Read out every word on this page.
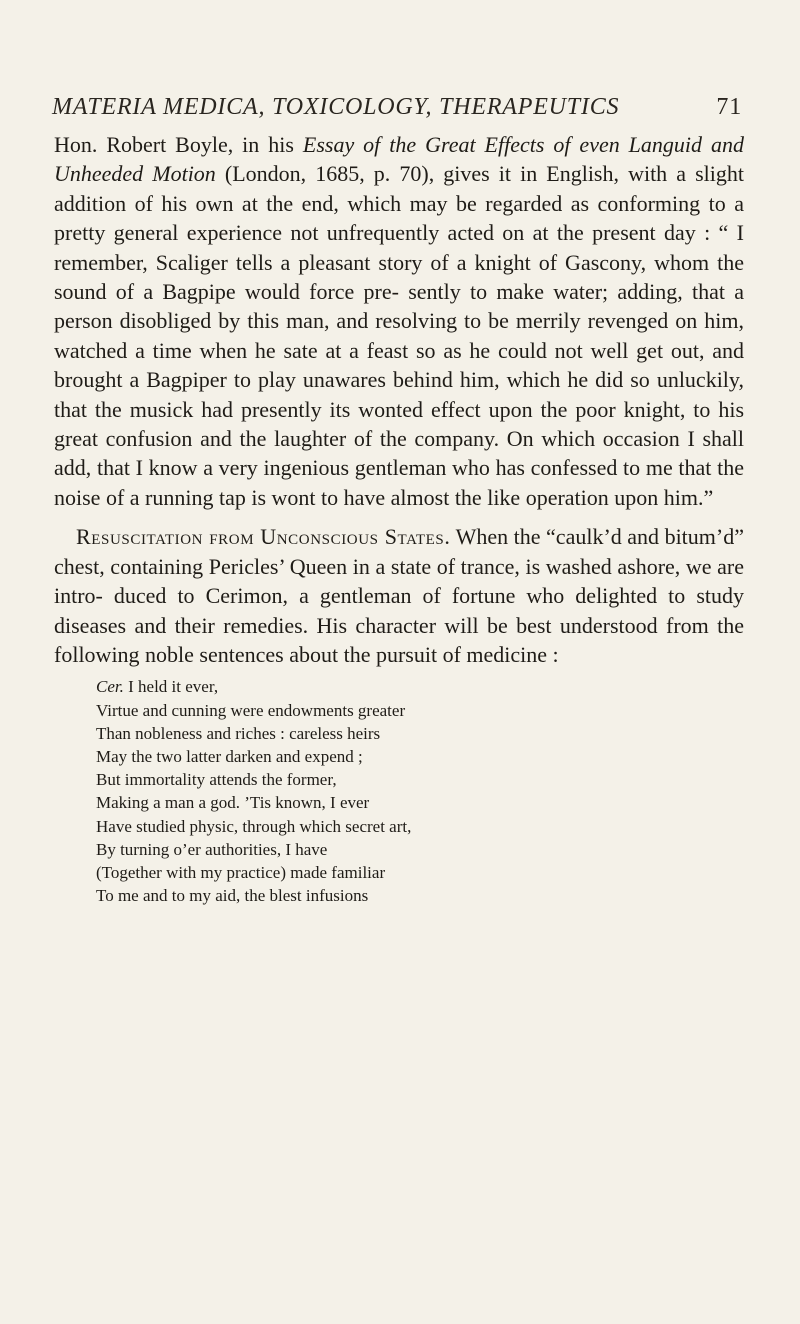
MATERIA MEDICA, TOXICOLOGY, THERAPEUTICS	71

Hon. Robert Boyle, in his Essay of the Great Effects of even Languid and Unheeded Motion (London, 1685, p. 70), gives it in English, with a slight addition of his own at the end, which may be regarded as conforming to a pretty general experience not unfrequently acted on at the present day : “ I remember, Scaliger tells a pleasant story of a knight of Gascony, whom the sound of a Bagpipe would force pre- sently to make water; adding, that a person disobliged by this man, and resolving to be merrily revenged on him, watched a time when he sate at a feast so as he could not well get out, and brought a Bagpiper to play unawares behind him, which he did so unluckily, that the musick had presently its wonted effect upon the poor knight, to his great confusion and the laughter of the company. On which occasion I shall add, that I know a very ingenious gentleman who has confessed to me that the noise of a running tap is wont to have almost the like operation upon him.”

Resuscitation from Unconscious States. When the “caulk’d and bitum’d” chest, containing Pericles’ Queen in a state of trance, is washed ashore, we are intro- duced to Cerimon, a gentleman of fortune who delighted to study diseases and their remedies. His character will be best understood from the following noble sentences about the pursuit of medicine :

Cer. I held it ever,
Virtue and cunning were endowments greater
Than nobleness and riches : careless heirs
May the two latter darken and expend ;
But immortality attends the former,
Making a man a god. ’Tis known, I ever
Have studied physic, through which secret art,
By turning o’er authorities, I have
(Together with my practice) made familiar
To me and to my aid, the blest infusions
